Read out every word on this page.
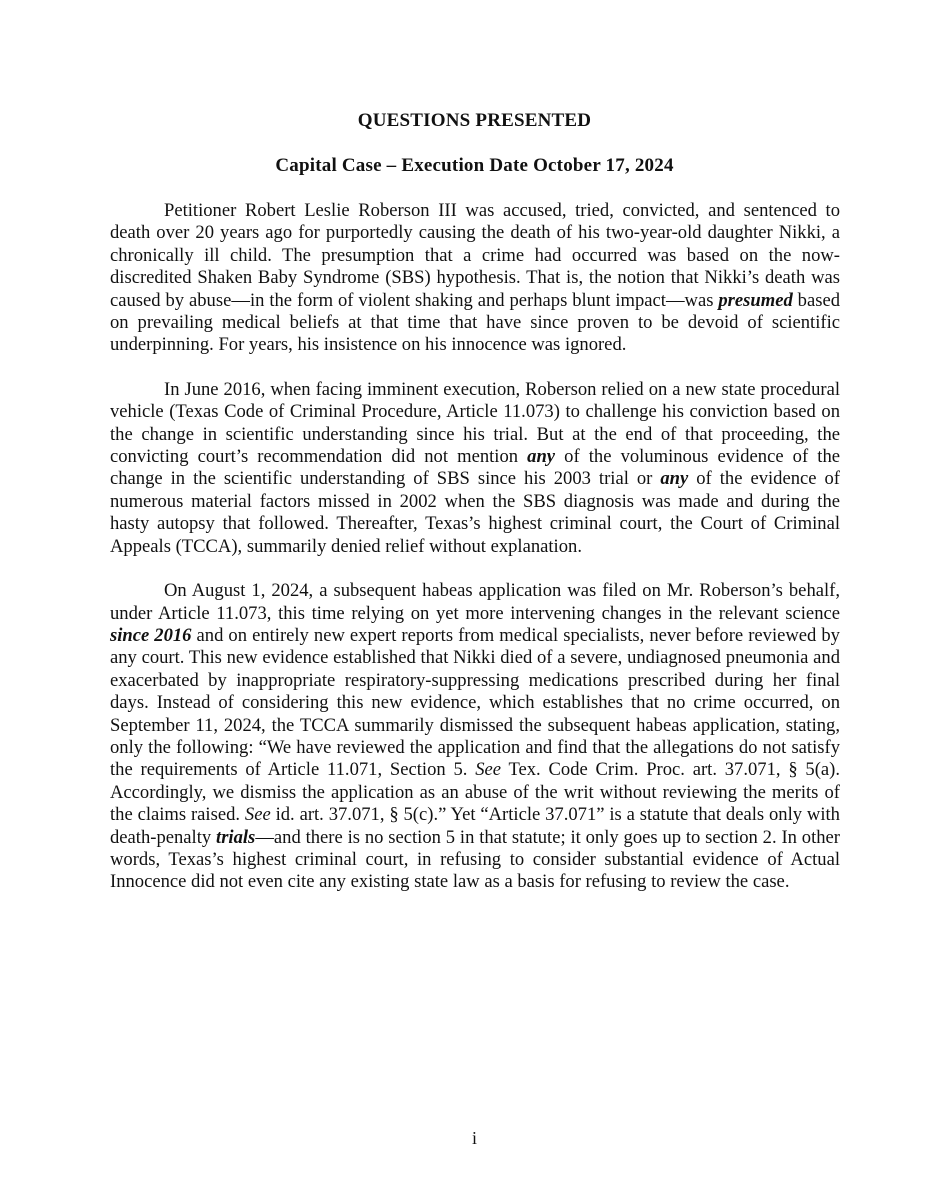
QUESTIONS PRESENTED
Capital Case – Execution Date October 17, 2024

Petitioner Robert Leslie Roberson III was accused, tried, convicted, and sentenced to death over 20 years ago for purportedly causing the death of his two-year-old daughter Nikki, a chronically ill child. The presumption that a crime had occurred was based on the now-discredited Shaken Baby Syndrome (SBS) hypothesis. That is, the notion that Nikki’s death was caused by abuse—in the form of violent shaking and perhaps blunt impact—was presumed based on prevailing medical beliefs at that time that have since proven to be devoid of scientific underpinning. For years, his insistence on his innocence was ignored.

In June 2016, when facing imminent execution, Roberson relied on a new state procedural vehicle (Texas Code of Criminal Procedure, Article 11.073) to challenge his conviction based on the change in scientific understanding since his trial. But at the end of that proceeding, the convicting court’s recommendation did not mention any of the voluminous evidence of the change in the scientific understanding of SBS since his 2003 trial or any of the evidence of numerous material factors missed in 2002 when the SBS diagnosis was made and during the hasty autopsy that followed. Thereafter, Texas’s highest criminal court, the Court of Criminal Appeals (TCCA), summarily denied relief without explanation.

On August 1, 2024, a subsequent habeas application was filed on Mr. Roberson’s behalf, under Article 11.073, this time relying on yet more intervening changes in the relevant science since 2016 and on entirely new expert reports from medical specialists, never before reviewed by any court. This new evidence established that Nikki died of a severe, undiagnosed pneumonia and exacerbated by inappropriate respiratory-suppressing medications prescribed during her final days. Instead of considering this new evidence, which establishes that no crime occurred, on September 11, 2024, the TCCA summarily dismissed the subsequent habeas application, stating, only the following: “We have reviewed the application and find that the allegations do not satisfy the requirements of Article 11.071, Section 5. See Tex. Code Crim. Proc. art. 37.071, § 5(a). Accordingly, we dismiss the application as an abuse of the writ without reviewing the merits of the claims raised. See id. art. 37.071, § 5(c).” Yet “Article 37.071” is a statute that deals only with death-penalty trials—and there is no section 5 in that statute; it only goes up to section 2. In other words, Texas’s highest criminal court, in refusing to consider substantial evidence of Actual Innocence did not even cite any existing state law as a basis for refusing to review the case.

i
